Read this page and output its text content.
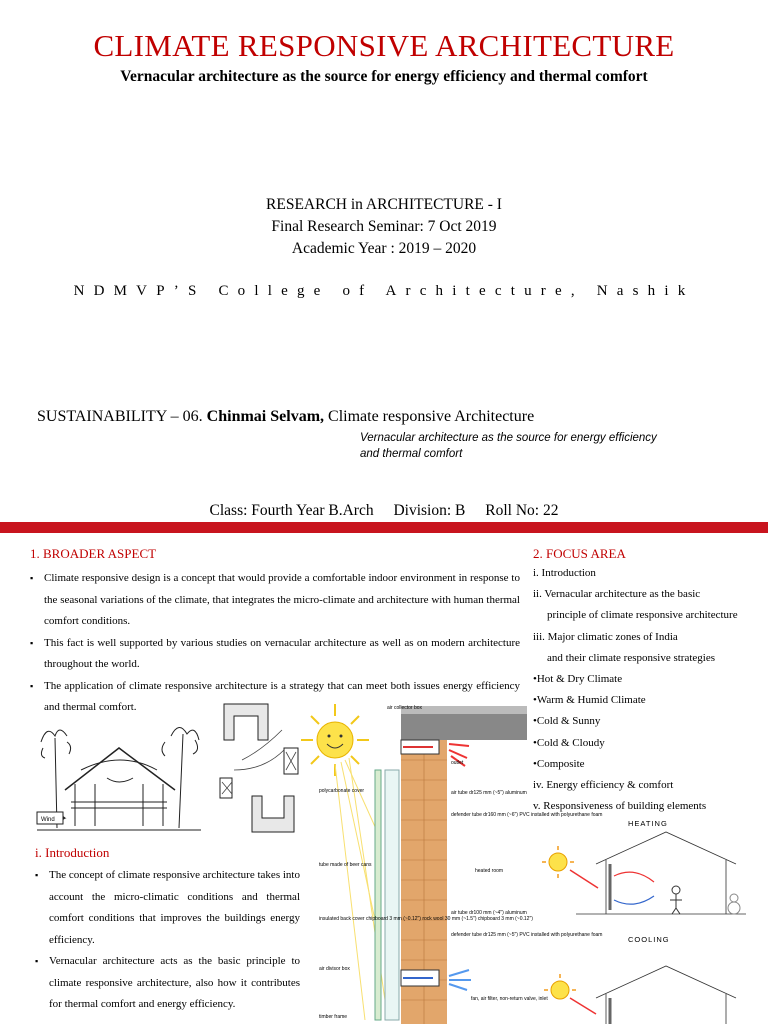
CLIMATE RESPONSIVE ARCHITECTURE
Vernacular architecture as the source for energy efficiency and thermal comfort
RESEARCH in ARCHITECTURE - I
Final Research Seminar: 7 Oct 2019
Academic Year : 2019 – 2020
NDMVP’S College of Architecture, Nashik
SUSTAINABILITY – 06. Chinmai Selvam, Climate responsive Architecture
Vernacular architecture as the source for energy efficiency
and thermal comfort
Class: Fourth Year B.Arch Division: B Roll No: 22
1. BROADER ASPECT
▪ Climate responsive design is a concept that would provide a comfortable indoor environment in response to the seasonal variations of the climate, that integrates the micro-climate and architecture with human thermal comfort conditions.
▪ This fact is well supported by various studies on vernacular architecture as well as on modern architecture throughout the world.
▪ The application of climate responsive architecture is a strategy that can meet both issues energy efficiency and thermal comfort.
Wind
air collector box
outlet
polycarbonate cover	air tube dr125 mm (~5") aluminum
defender tube dr160 mm (~6") PVC installed with polyurethane foam
tube made of beer cans
heated room
air tube dr100 mm (~4") aluminum
insulated back cover chipboard 3 mm (~0.12") rock wool 30 mm (~1.5") chipboard 3 mm (~0.12")
defender tube dr125 mm (~5") PVC installed with polyurethane foam
air divisor box
fan, air filter, non-return valve, inlet
timber frame
i. Introduction
▪ The concept of climate responsive architecture takes into account the micro-climatic conditions and thermal comfort conditions that improves the buildings energy efficiency.
▪ Vernacular architecture acts as the basic principle to climate responsive architecture, also how it contributes for thermal comfort and energy efficiency.
2. FOCUS AREA
i. Introduction
ii. Vernacular architecture as the basic
principle of climate responsive architecture
iii. Major climatic zones of India
and their climate responsive strategies
•Hot & Dry Climate
•Warm & Humid Climate
•Cold & Sunny
•Cold & Cloudy
•Composite
iv. Energy efficiency & comfort
v. Responsiveness of building elements
HEATING
COOLING
